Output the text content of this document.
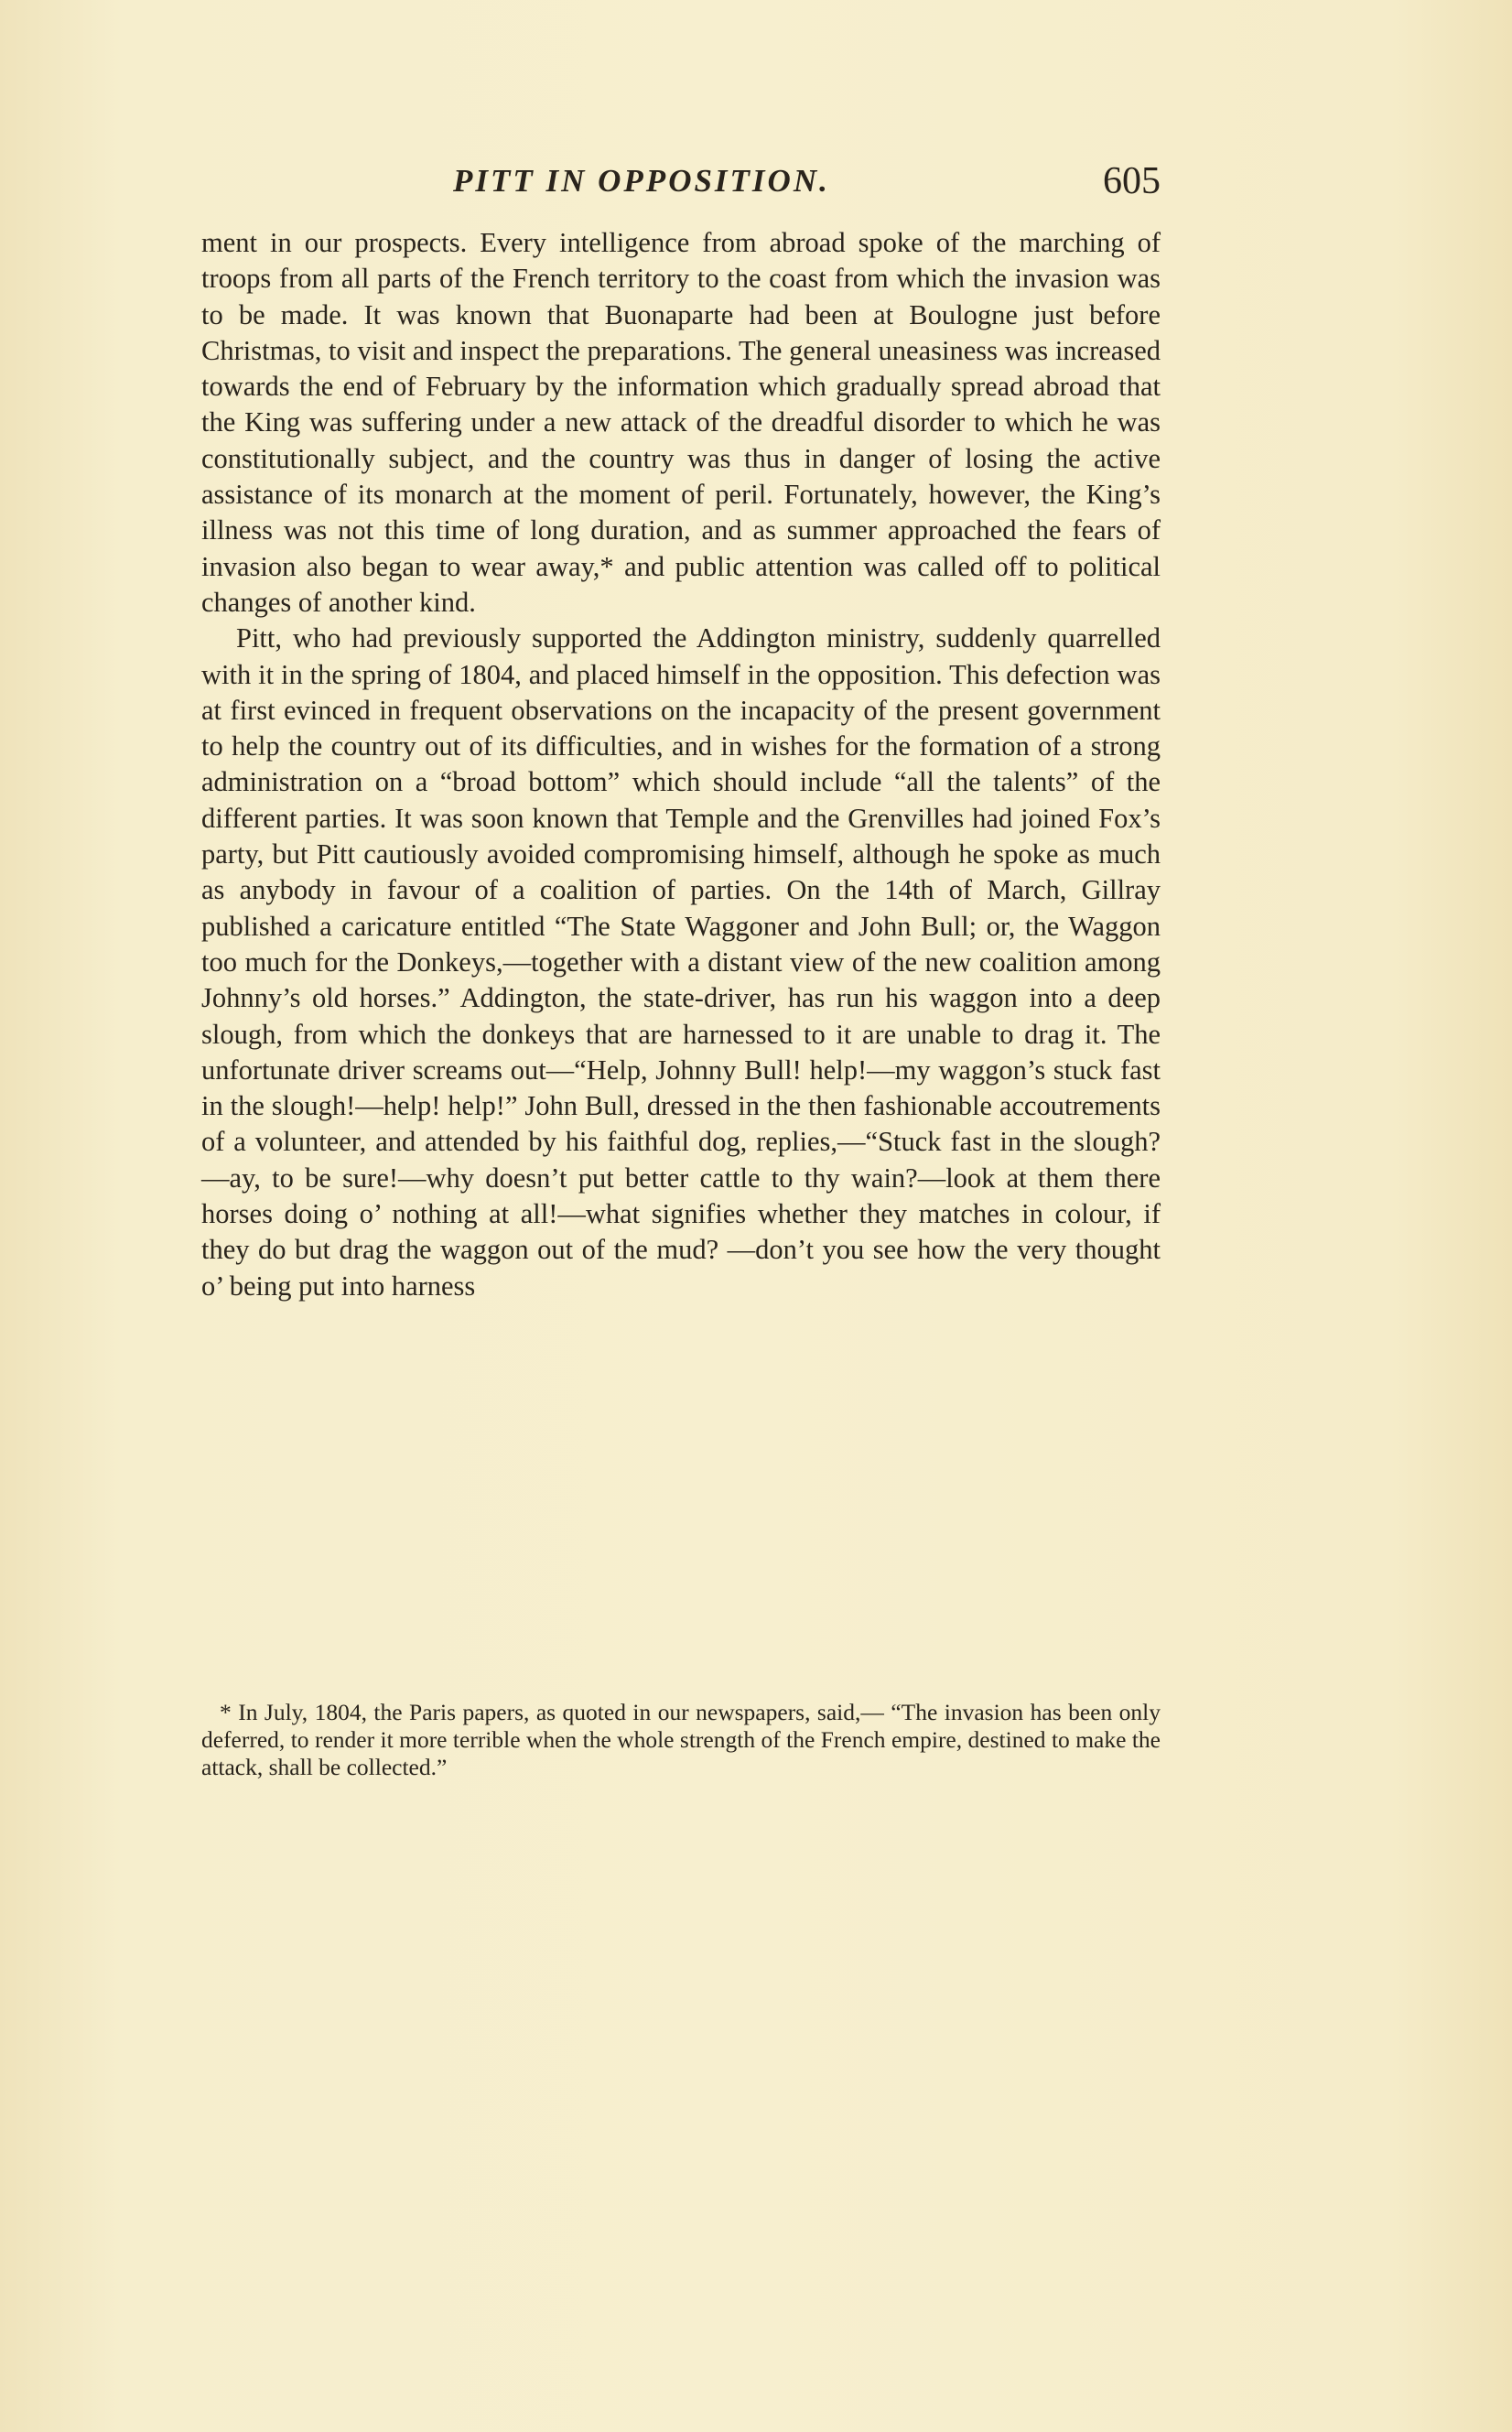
PITT IN OPPOSITION.	605

ment in our prospects. Every intelligence from abroad spoke of the marching of troops from all parts of the French territory to the coast from which the invasion was to be made. It was known that Buonaparte had been at Boulogne just before Christmas, to visit and inspect the preparations. The general uneasiness was increased towards the end of February by the information which gradually spread abroad that the King was suffering under a new attack of the dreadful disorder to which he was constitutionally subject, and the country was thus in danger of losing the active assistance of its monarch at the moment of peril. Fortunately, however, the King’s illness was not this time of long duration, and as summer approached the fears of invasion also began to wear away,* and public attention was called off to political changes of another kind.

Pitt, who had previously supported the Addington ministry, suddenly quarrelled with it in the spring of 1804, and placed himself in the opposition. This defection was at first evinced in frequent observations on the incapacity of the present government to help the country out of its difficulties, and in wishes for the formation of a strong administration on a “broad bottom” which should include “all the talents” of the different parties. It was soon known that Temple and the Grenvilles had joined Fox’s party, but Pitt cautiously avoided compromising himself, although he spoke as much as anybody in favour of a coalition of parties. On the 14th of March, Gillray published a caricature entitled “The State Waggoner and John Bull; or, the Waggon too much for the Donkeys,—together with a distant view of the new coalition among Johnny’s old horses.” Addington, the state-driver, has run his waggon into a deep slough, from which the donkeys that are harnessed to it are unable to drag it. The unfortunate driver screams out—“Help, Johnny Bull! help!—my waggon’s stuck fast in the slough!—help! help!” John Bull, dressed in the then fashionable accoutrements of a volunteer, and attended by his faithful dog, replies,—“Stuck fast in the slough?—ay, to be sure!—why doesn’t put better cattle to thy wain?—look at them there horses doing o’ nothing at all!—what signifies whether they matches in colour, if they do but drag the waggon out of the mud? —don’t you see how the very thought o’ being put into harness

* In July, 1804, the Paris papers, as quoted in our newspapers, said,— “The invasion has been only deferred, to render it more terrible when the whole strength of the French empire, destined to make the attack, shall be collected.”
